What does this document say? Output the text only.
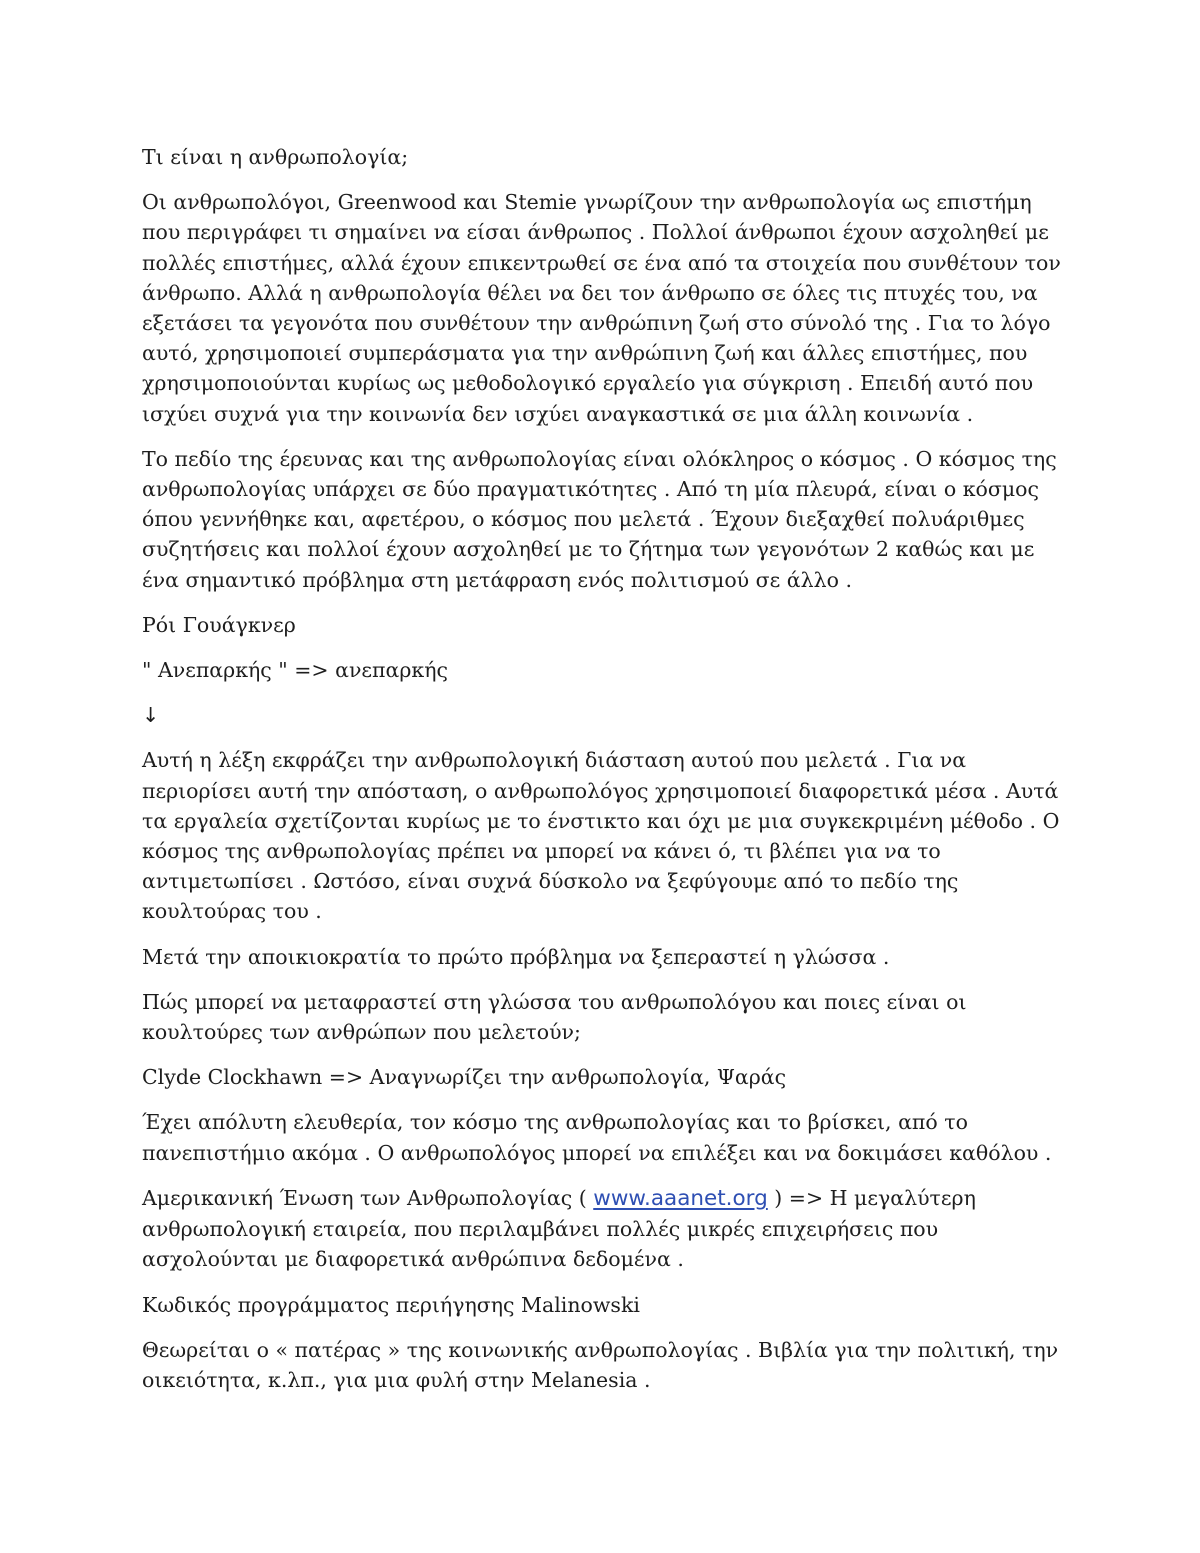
Τι είναι η ανθρωπολογία;

Οι ανθρωπολόγοι, Greenwood και Stemie γνωρίζουν την ανθρωπολογία ως επιστήμη που περιγράφει τι σημαίνει να είσαι άνθρωπος . Πολλοί άνθρωποι έχουν ασχοληθεί με πολλές επιστήμες, αλλά έχουν επικεντρωθεί σε ένα από τα στοιχεία που συνθέτουν τον άνθρωπο. Αλλά η ανθρωπολογία θέλει να δει τον άνθρωπο σε όλες τις πτυχές του, να εξετάσει τα γεγονότα που συνθέτουν την ανθρώπινη ζωή στο σύνολό της . Για το λόγο αυτό, χρησιμοποιεί συμπεράσματα για την ανθρώπινη ζωή και άλλες επιστήμες, που χρησιμοποιούνται κυρίως ως μεθοδολογικό εργαλείο για σύγκριση . Επειδή αυτό που ισχύει συχνά για την κοινωνία δεν ισχύει αναγκαστικά σε μια άλλη κοινωνία .

Το πεδίο της έρευνας και της ανθρωπολογίας είναι ολόκληρος ο κόσμος . Ο κόσμος της ανθρωπολογίας υπάρχει σε δύο πραγματικότητες . Από τη μία πλευρά, είναι ο κόσμος όπου γεννήθηκε και, αφετέρου, ο κόσμος που μελετά . Έχουν διεξαχθεί πολυάριθμες συζητήσεις και πολλοί έχουν ασχοληθεί με το ζήτημα των γεγονότων 2 καθώς και με ένα σημαντικό πρόβλημα στη μετάφραση ενός πολιτισμού σε άλλο .

Ρόι Γουάγκνερ

" Ανεπαρκής " => ανεπαρκής

↓

Αυτή η λέξη εκφράζει την ανθρωπολογική διάσταση αυτού που μελετά . Για να περιορίσει αυτή την απόσταση, ο ανθρωπολόγος χρησιμοποιεί διαφορετικά μέσα . Αυτά τα εργαλεία σχετίζονται κυρίως με το ένστικτο και όχι με μια συγκεκριμένη μέθοδο . Ο κόσμος της ανθρωπολογίας πρέπει να μπορεί να κάνει ό, τι βλέπει για να το αντιμετωπίσει . Ωστόσο, είναι συχνά δύσκολο να ξεφύγουμε από το πεδίο της κουλτούρας του .

Μετά την αποικιοκρατία το πρώτο πρόβλημα να ξεπεραστεί η γλώσσα .

Πώς μπορεί να μεταφραστεί στη γλώσσα του ανθρωπολόγου και ποιες είναι οι κουλτούρες των ανθρώπων που μελετούν;

Clyde Clockhawn => Αναγνωρίζει την ανθρωπολογία, Ψαράς

Έχει απόλυτη ελευθερία, τον κόσμο της ανθρωπολογίας και το βρίσκει, από το πανεπιστήμιο ακόμα . Ο ανθρωπολόγος μπορεί να επιλέξει και να δοκιμάσει καθόλου .

Αμερικανική Ένωση των Ανθρωπολογίας ( www.aaanet.org ) => Η μεγαλύτερη ανθρωπολογική εταιρεία, που περιλαμβάνει πολλές μικρές επιχειρήσεις που ασχολούνται με διαφορετικά ανθρώπινα δεδομένα .

Κωδικός προγράμματος περιήγησης Malinowski

Θεωρείται ο « πατέρας » της κοινωνικής ανθρωπολογίας . Βιβλία για την πολιτική, την οικειότητα, κ.λπ., για μια φυλή στην Melanesia .
